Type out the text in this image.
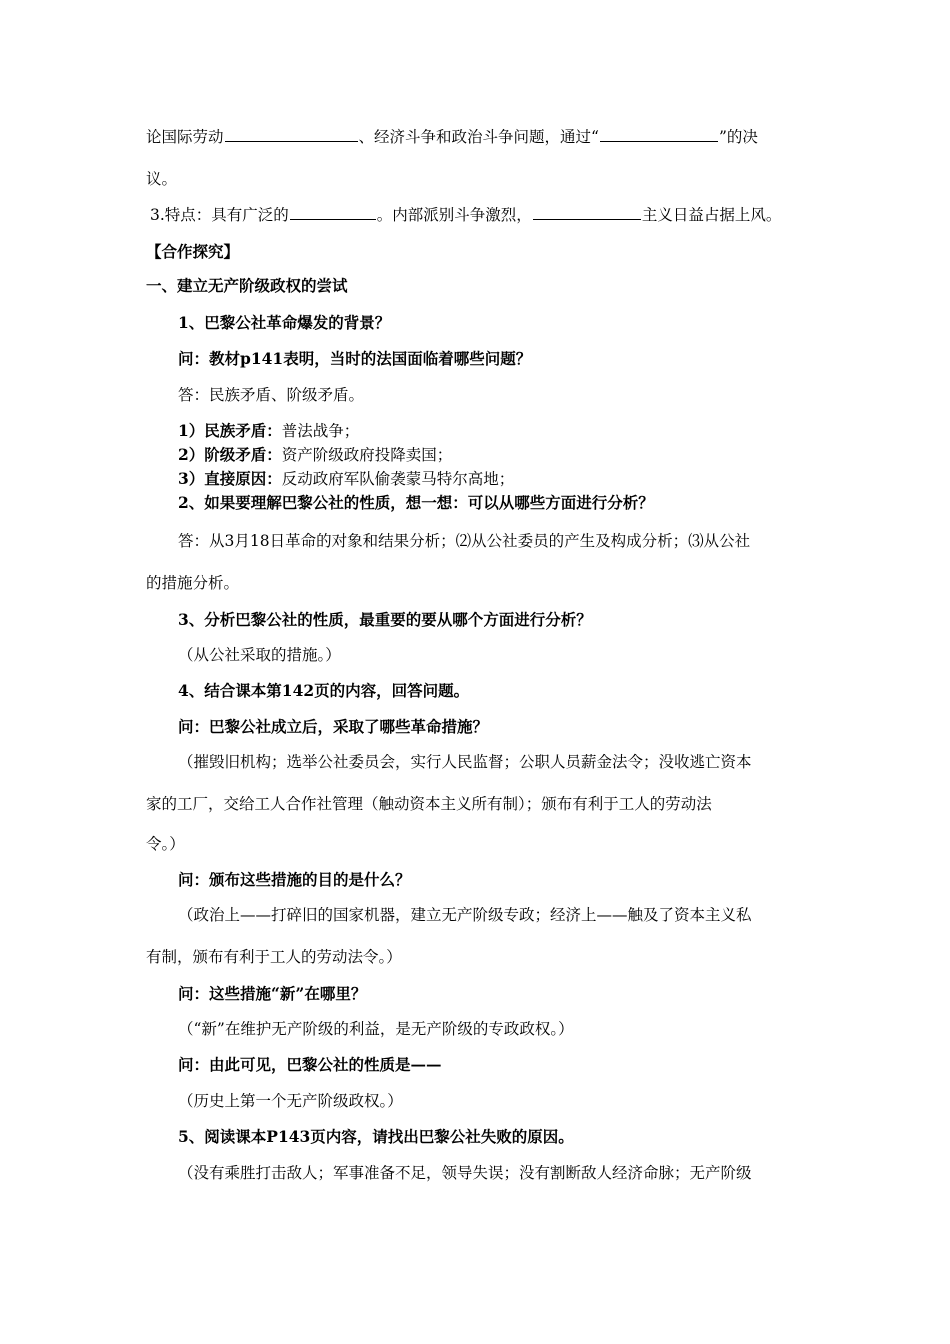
论国际劳动	、经济斗争和政治斗争问题，通过“	”的决
议。
3.特点：具有广泛的	。内部派别斗争激烈，	主义日益占据上风。
【合作探究】
一、建立无产阶级政权的尝试
1、巴黎公社革命爆发的背景？
问：教材p141表明，当时的法国面临着哪些问题？
答：民族矛盾、阶级矛盾。
1）民族矛盾：普法战争；
2）阶级矛盾：资产阶级政府投降卖国；
3）直接原因：反动政府军队偷袭蒙马特尔高地；
2、如果要理解巴黎公社的性质，想一想：可以从哪些方面进行分析？
答：从3月18日革命的对象和结果分析；⑵从公社委员的产生及构成分析；⑶从公社
的措施分析。
3、分析巴黎公社的性质，最重要的要从哪个方面进行分析？
（从公社采取的措施。）
4、结合课本第142页的内容，回答问题。
问：巴黎公社成立后，采取了哪些革命措施？
（摧毁旧机构；选举公社委员会，实行人民监督；公职人员薪金法令；没收逃亡资本
家的工厂，交给工人合作社管理（触动资本主义所有制）；颁布有利于工人的劳动法
令。）
问：颁布这些措施的目的是什么？
（政治上——打碎旧的国家机器，建立无产阶级专政；经济上——触及了资本主义私
有制，颁布有利于工人的劳动法令。）
问：这些措施“新”在哪里？
（“新”在维护无产阶级的利益，是无产阶级的专政政权。）
问：由此可见，巴黎公社的性质是——
（历史上第一个无产阶级政权。）
5、阅读课本P143页内容，请找出巴黎公社失败的原因。
（没有乘胜打击敌人；军事准备不足，领导失误；没有割断敌人经济命脉；无产阶级
